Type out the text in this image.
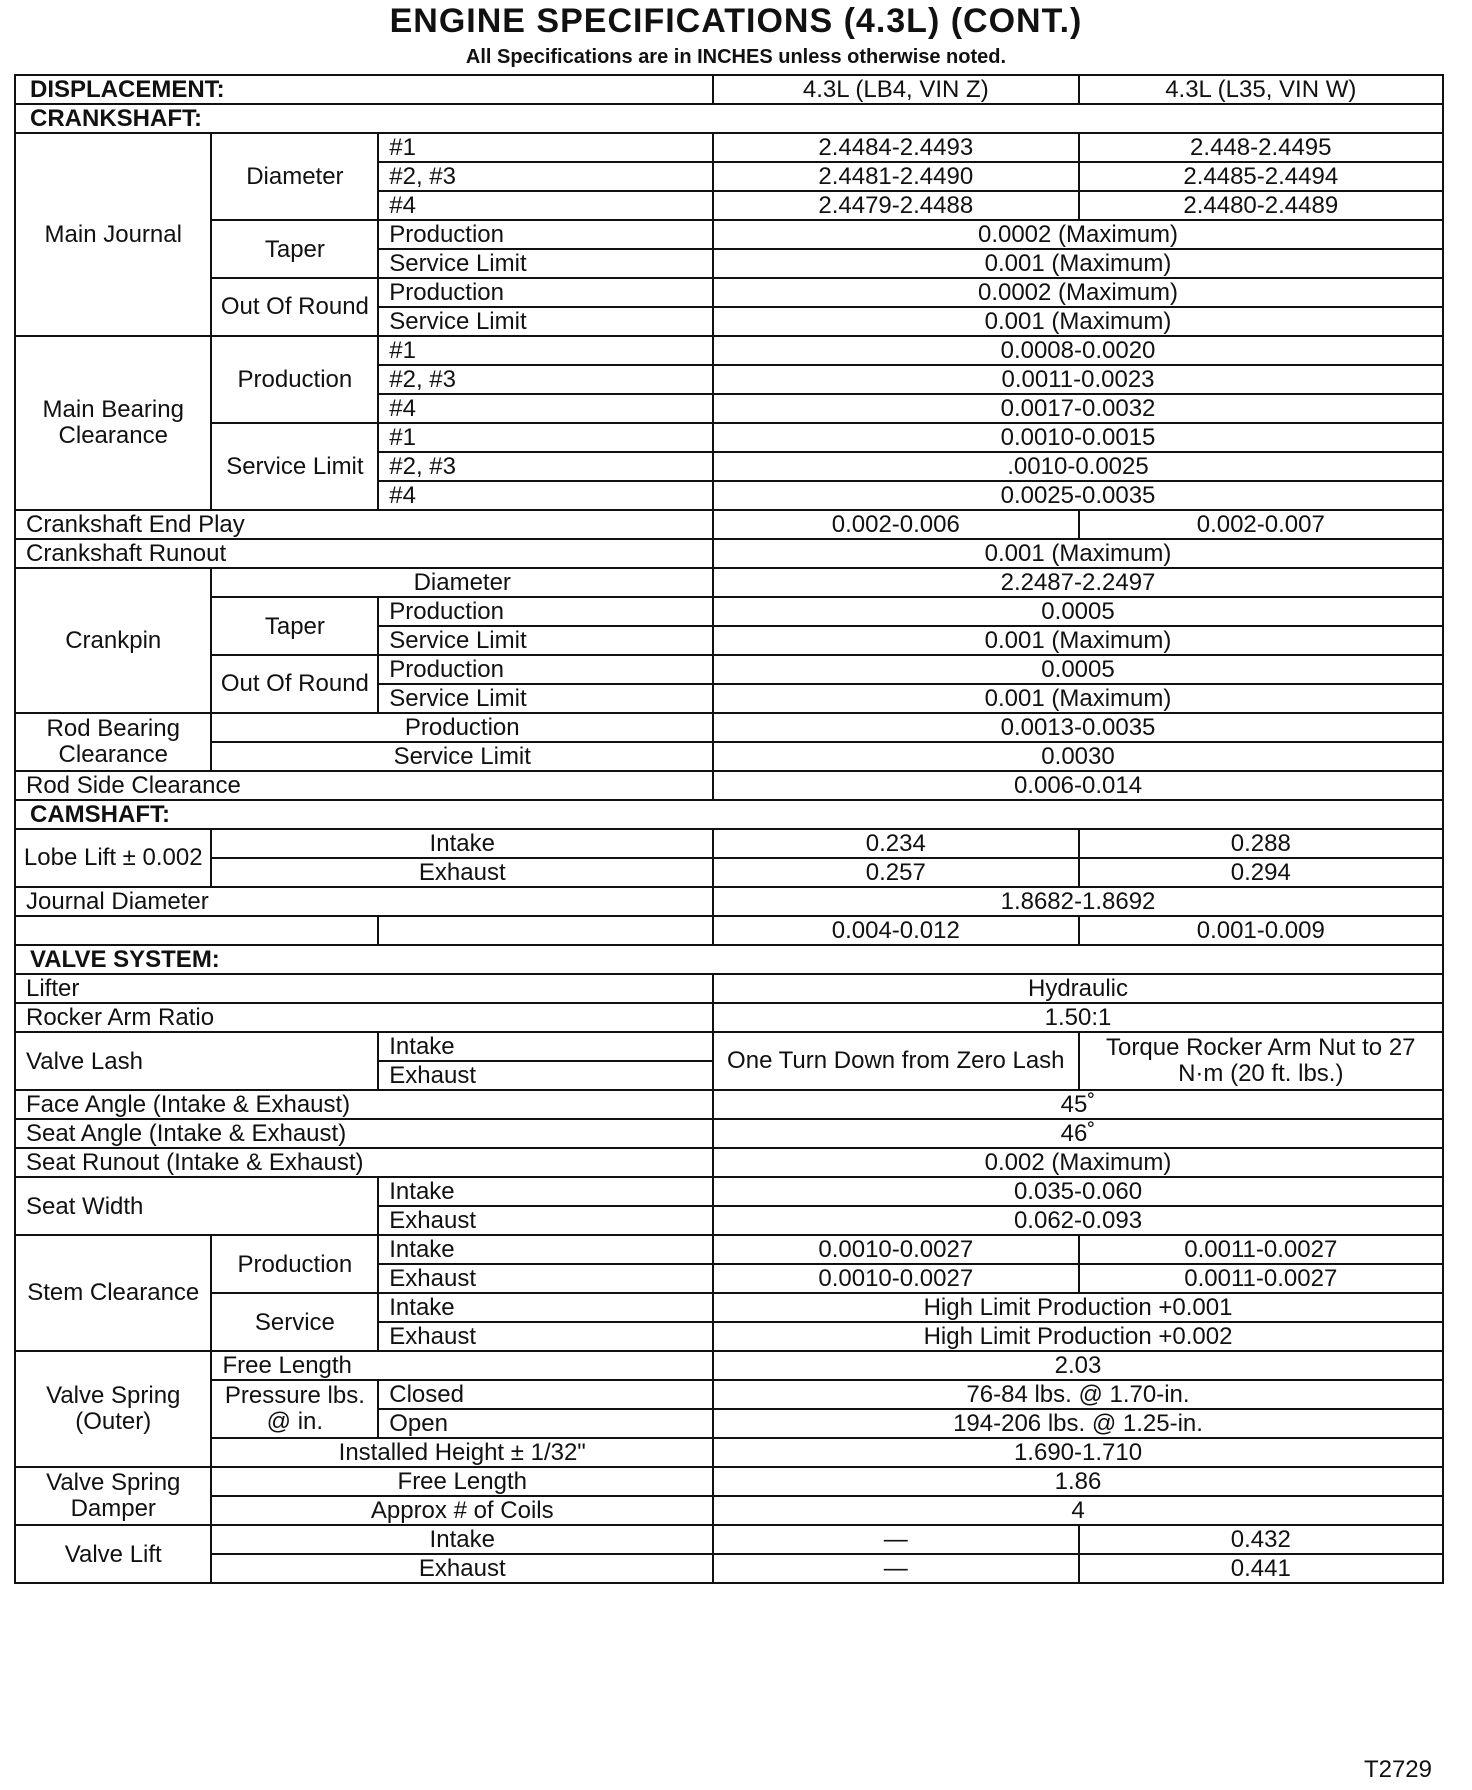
ENGINE SPECIFICATIONS (4.3L) (CONT.)
All Specifications are in INCHES unless otherwise noted.
DISPLACEMENT:			4.3L (LB4, VIN Z)	4.3L (L35, VIN W)
CRANKSHAFT:				
Main Journal	Diameter	#1	2.4484-2.4493	2.448-2.4495
		#2, #3	2.4481-2.4490	2.4485-2.4494
		#4	2.4479-2.4488	2.4480-2.4489
	Taper	Production	0.0002 (Maximum)	
		Service Limit	0.001 (Maximum)	
	Out Of Round	Production	0.0002 (Maximum)	
		Service Limit	0.001 (Maximum)	
Main Bearing Clearance	Production	#1	0.0008-0.0020	
		#2, #3	0.0011-0.0023	
		#4	0.0017-0.0032	
	Service Limit	#1	0.0010-0.0015	
		#2, #3	.0010-0.0025	
		#4	0.0025-0.0035	
Crankshaft End Play			0.002-0.006	0.002-0.007
Crankshaft Runout			0.001 (Maximum)	
Crankpin	Diameter		2.2487-2.2497	
	Taper	Production	0.0005	
		Service Limit	0.001 (Maximum)	
	Out Of Round	Production	0.0005	
		Service Limit	0.001 (Maximum)	
Rod Bearing Clearance	Production		0.0013-0.0035	
	Service Limit		0.0030	
Rod Side Clearance			0.006-0.014	
CAMSHAFT:				
Lobe Lift ± 0.002	Intake		0.234	0.288
	Exhaust		0.257	0.294
Journal Diameter			1.8682-1.8692	
			0.004-0.012	0.001-0.009
VALVE SYSTEM:				
Lifter			Hydraulic	
Rocker Arm Ratio			1.50:1	
Valve Lash		Intake	One Turn Down from Zero Lash	Torque Rocker Arm Nut to 27 N·m (20 ft. lbs.)
		Exhaust		
Face Angle (Intake & Exhaust)			45˚	
Seat Angle (Intake & Exhaust)			46˚	
Seat Runout (Intake & Exhaust)			0.002 (Maximum)	
Seat Width		Intake	0.035-0.060	
		Exhaust	0.062-0.093	
Stem Clearance	Production	Intake	0.0010-0.0027	0.0011-0.0027
		Exhaust	0.0010-0.0027	0.0011-0.0027
	Service	Intake	High Limit Production +0.001	
		Exhaust	High Limit Production +0.002	
Valve Spring (Outer)	Free Length		2.03	
	Pressure lbs. @ in.	Closed	76-84 lbs. @ 1.70-in.	
		Open	194-206 lbs. @ 1.25-in.	
	Installed Height ± 1/32"		1.690-1.710	
Valve Spring Damper	Free Length		1.86	
	Approx # of Coils		4	
Valve Lift	Intake		—	0.432
	Exhaust		—	0.441
T2729
